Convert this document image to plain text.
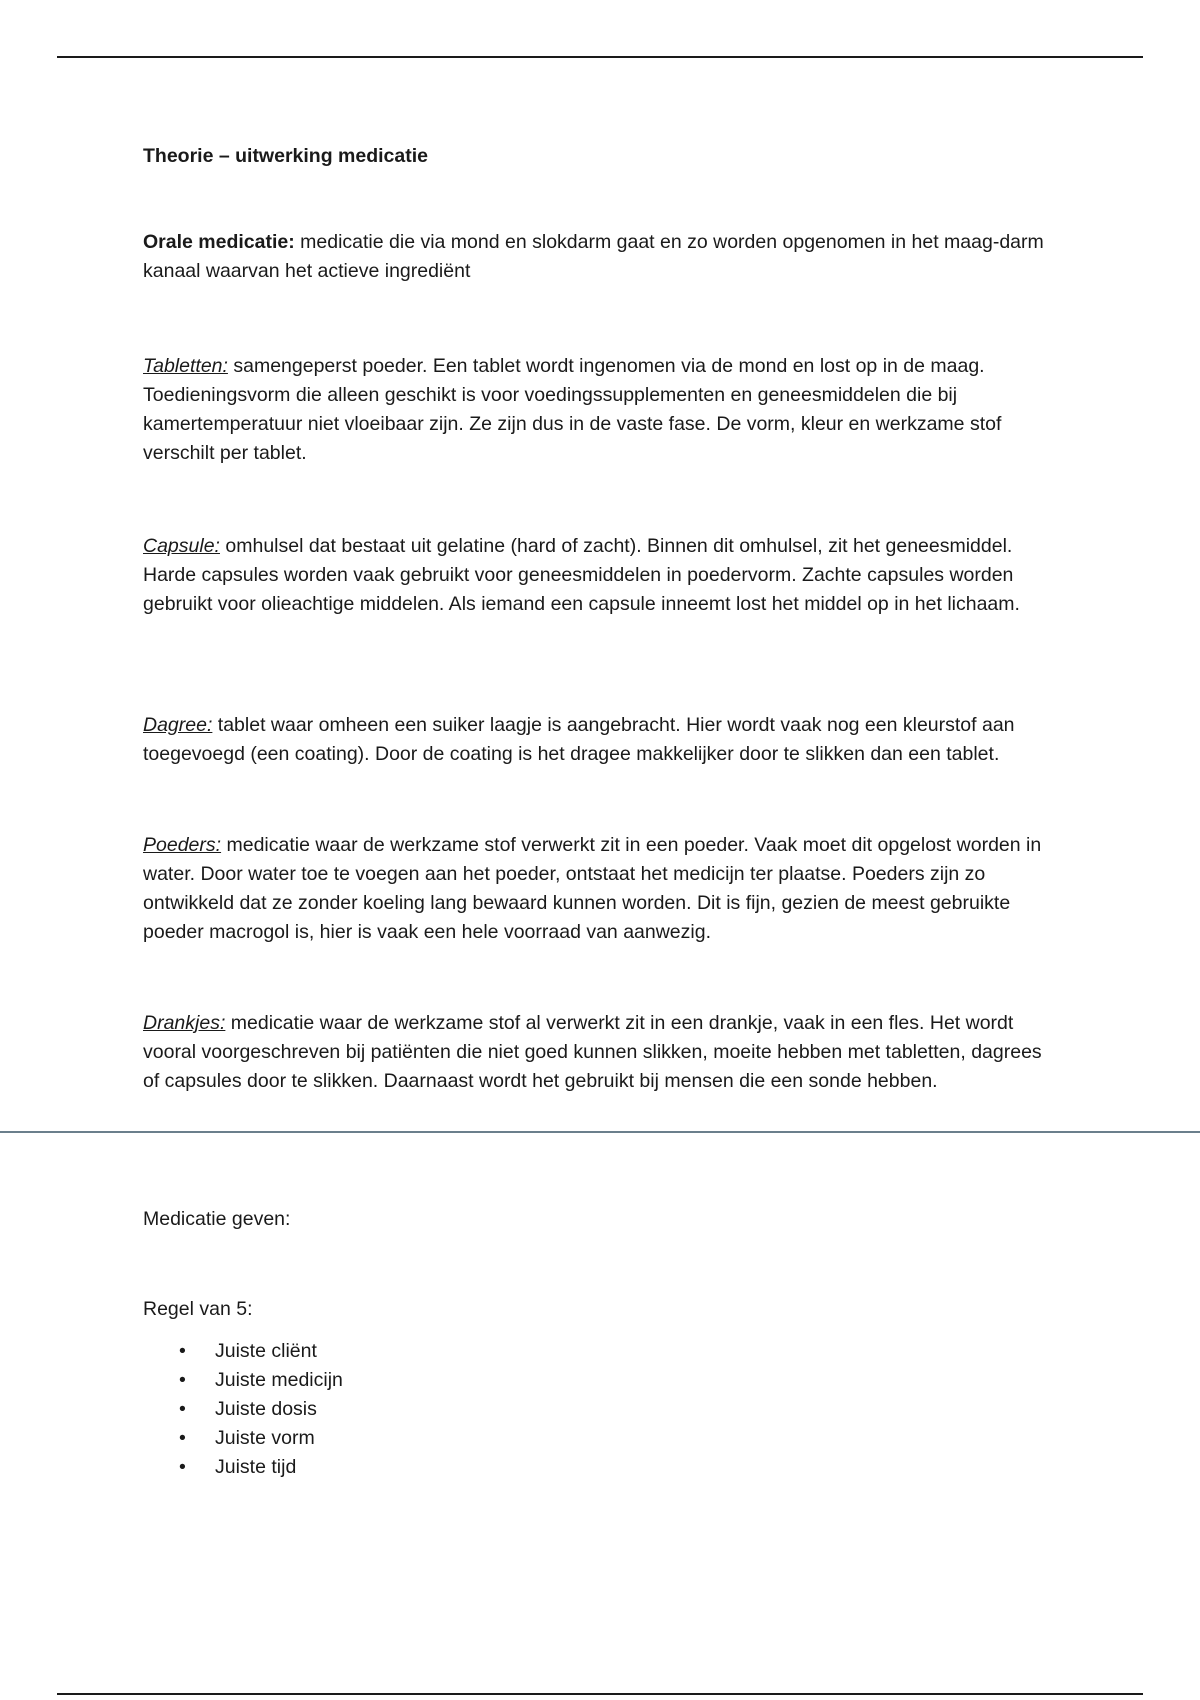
Theorie – uitwerking medicatie

Orale medicatie: medicatie die via mond en slokdarm gaat en zo worden opgenomen in het maag-darm kanaal waarvan het actieve ingrediënt

Tabletten: samengeperst poeder. Een tablet wordt ingenomen via de mond en lost op in de maag. Toedieningsvorm die alleen geschikt is voor voedingssupplementen en geneesmiddelen die bij kamertemperatuur niet vloeibaar zijn. Ze zijn dus in de vaste fase. De vorm, kleur en werkzame stof verschilt per tablet.

Capsule: omhulsel dat bestaat uit gelatine (hard of zacht). Binnen dit omhulsel, zit het geneesmiddel. Harde capsules worden vaak gebruikt voor geneesmiddelen in poedervorm. Zachte capsules worden gebruikt voor olieachtige middelen. Als iemand een capsule inneemt lost het middel op in het lichaam.

Dagree: tablet waar omheen een suiker laagje is aangebracht. Hier wordt vaak nog een kleurstof aan toegevoegd (een coating). Door de coating is het dragee makkelijker door te slikken dan een tablet.

Poeders: medicatie waar de werkzame stof verwerkt zit in een poeder. Vaak moet dit opgelost worden in water. Door water toe te voegen aan het poeder, ontstaat het medicijn ter plaatse. Poeders zijn zo ontwikkeld dat ze zonder koeling lang bewaard kunnen worden. Dit is fijn, gezien de meest gebruikte poeder macrogol is, hier is vaak een hele voorraad van aanwezig.

Drankjes: medicatie waar de werkzame stof al verwerkt zit in een drankje, vaak in een fles. Het wordt vooral voorgeschreven bij patiënten die niet goed kunnen slikken, moeite hebben met tabletten, dagrees of capsules door te slikken. Daarnaast wordt het gebruikt bij mensen die een sonde hebben.

Medicatie geven:
Regel van 5:
• Juiste cliënt
• Juiste medicijn
• Juiste dosis
• Juiste vorm
• Juiste tijd
